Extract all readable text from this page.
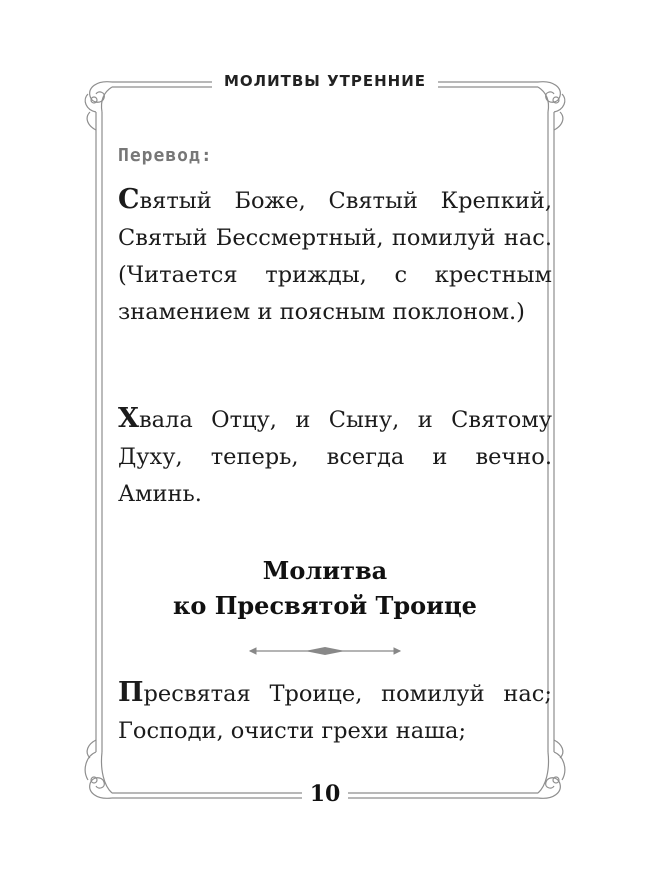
МОЛИТВЫ УТРЕННИЕ
Перевод:
Святый Боже, Святый Крепкий, Святый Бессмертный, помилуй нас. (Читается трижды, с крестным знамением и поясным поклоном.)
Хвала Отцу, и Сыну, и Святому Духу, теперь, всегда и вечно. Аминь.
Молитва
ко Пресвятой Троице
Пресвятая Троице, помилуй нас; Господи, очисти грехи наша;
10
